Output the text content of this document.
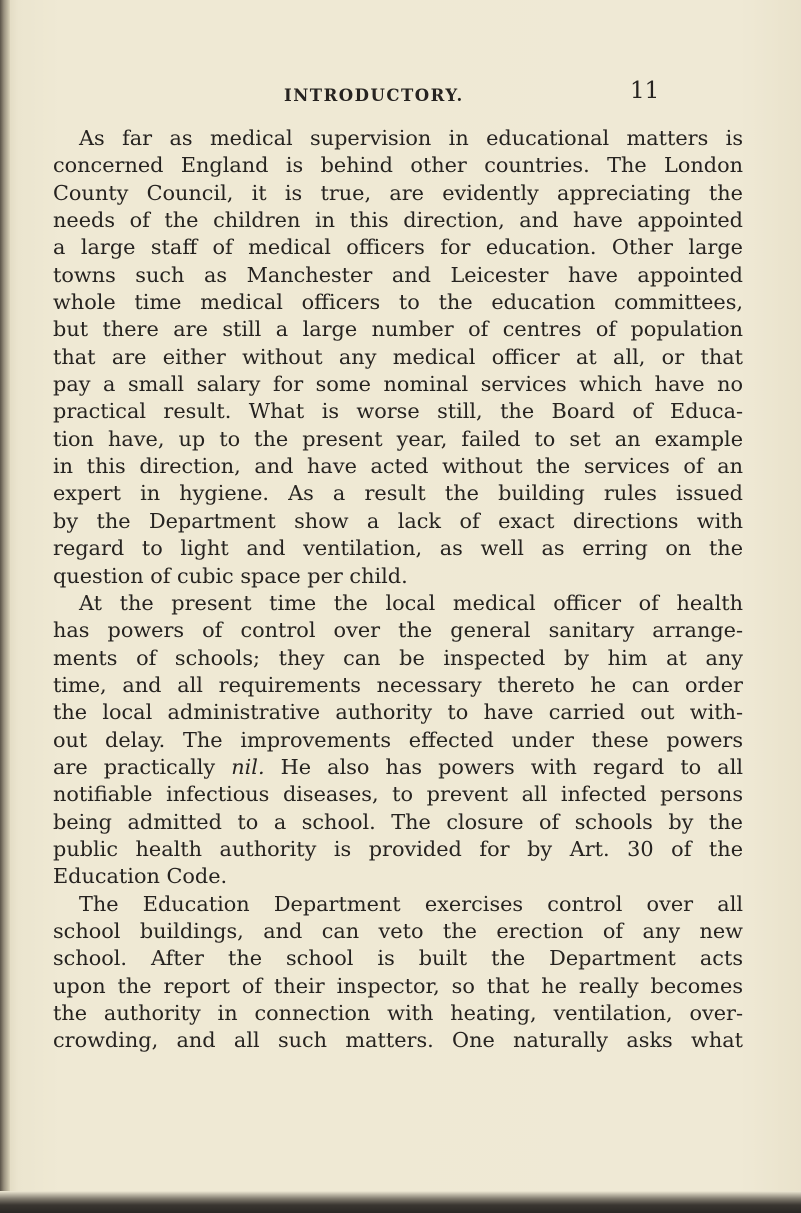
INTRODUCTORY.	11
As far as medical supervision in educational matters is
concerned England is behind other countries. The London
County Council, it is true, are evidently appreciating the
needs of the children in this direction, and have appointed
a large staff of medical officers for education. Other large
towns such as Manchester and Leicester have appointed
whole time medical officers to the education committees,
but there are still a large number of centres of population
that are either without any medical officer at all, or that
pay a small salary for some nominal services which have no
practical result. What is worse still, the Board of Educa-
tion have, up to the present year, failed to set an example
in this direction, and have acted without the services of an
expert in hygiene. As a result the building rules issued
by the Department show a lack of exact directions with
regard to light and ventilation, as well as erring on the
question of cubic space per child.
At the present time the local medical officer of health
has powers of control over the general sanitary arrange-
ments of schools; they can be inspected by him at any
time, and all requirements necessary thereto he can order
the local administrative authority to have carried out with-
out delay. The improvements effected under these powers
are practically nil. He also has powers with regard to all
notifiable infectious diseases, to prevent all infected persons
being admitted to a school. The closure of schools by the
public health authority is provided for by Art. 30 of the
Education Code.
The Education Department exercises control over all
school buildings, and can veto the erection of any new
school. After the school is built the Department acts
upon the report of their inspector, so that he really becomes
the authority in connection with heating, ventilation, over-
crowding, and all such matters. One naturally asks what
